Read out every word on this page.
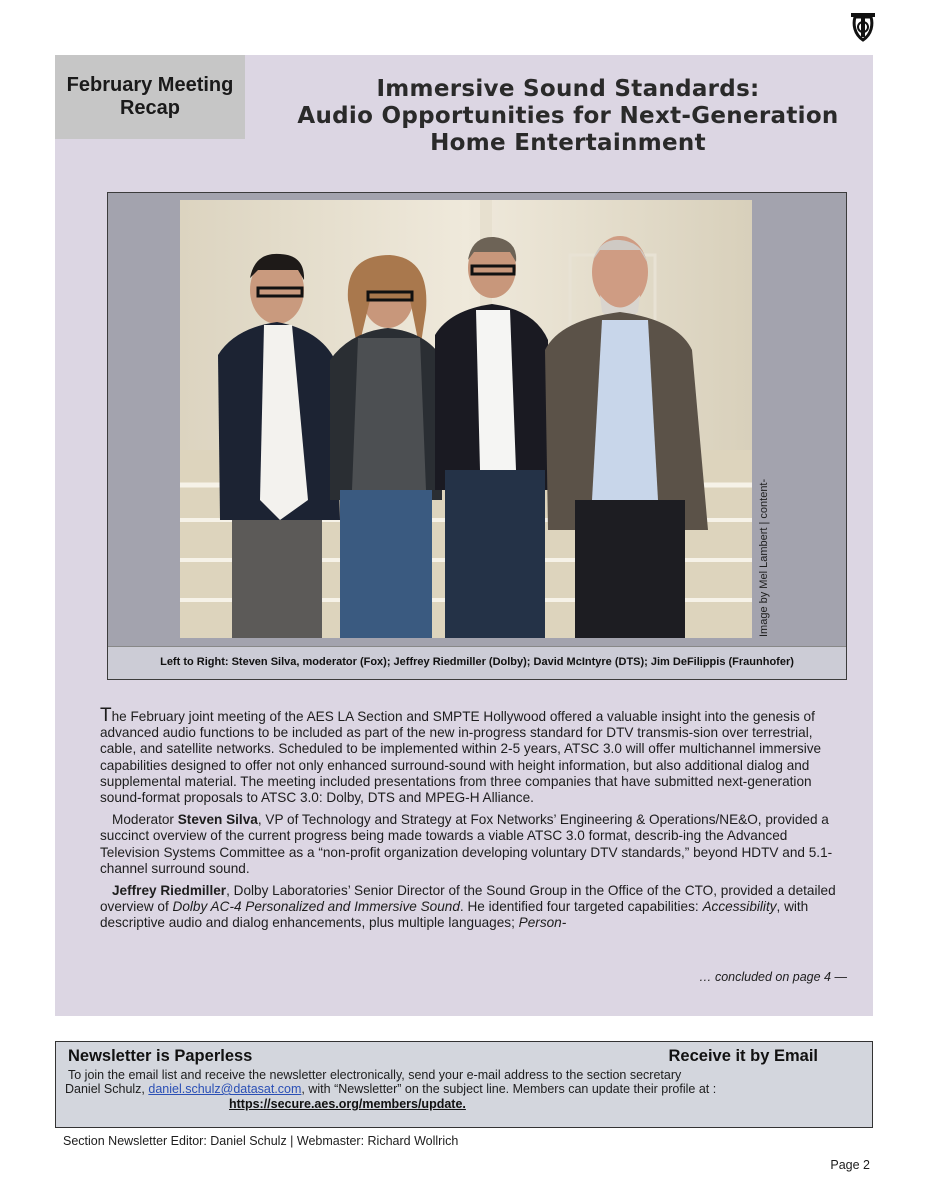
February Meeting
Recap
Immersive Sound Standards:
Audio Opportunities for Next-Generation
Home Entertainment
Image by Mel Lambert | content-
Left to Right: Steven Silva, moderator (Fox); Jeffrey Riedmiller (Dolby); David McIntyre (DTS); Jim DeFilippis (Fraunhofer)

The February joint meeting of the AES LA Section and SMPTE Hollywood offered a valuable insight into the genesis of advanced audio functions to be included as part of the new in-progress standard for DTV transmis-sion over terrestrial, cable, and satellite networks. Scheduled to be implemented within 2-5 years, ATSC 3.0 will offer multichannel immersive capabilities designed to offer not only enhanced surround-sound with height information, but also additional dialog and supplemental material. The meeting included presentations from three companies that have submitted next-generation sound-format proposals to ATSC 3.0: Dolby, DTS and MPEG-H Alliance.

Moderator Steven Silva, VP of Technology and Strategy at Fox Networks’ Engineering & Operations/NE&O, provided a succinct overview of the current progress being made towards a viable ATSC 3.0 format, describ-ing the Advanced Television Systems Committee as a “non-profit organization developing voluntary DTV standards,” beyond HDTV and 5.1-channel surround sound.

Jeffrey Riedmiller, Dolby Laboratories’ Senior Director of the Sound Group in the Office of the CTO, provided a detailed overview of Dolby AC-4 Personalized and Immersive Sound. He identified four targeted capabilities: Accessibility, with descriptive audio and dialog enhancements, plus multiple languages; Person-

… concluded on page 4 —
Newsletter is Paperless	Receive it by Email
To join the email list and receive the newsletter electronically, send your e-mail address to the section secretary
Daniel Schulz, daniel.schulz@datasat.com, with “Newsletter” on the subject line. Members can update their profile at :
https://secure.aes.org/members/update.
Section Newsletter Editor: Daniel Schulz | Webmaster: Richard Wollrich
Page 2
